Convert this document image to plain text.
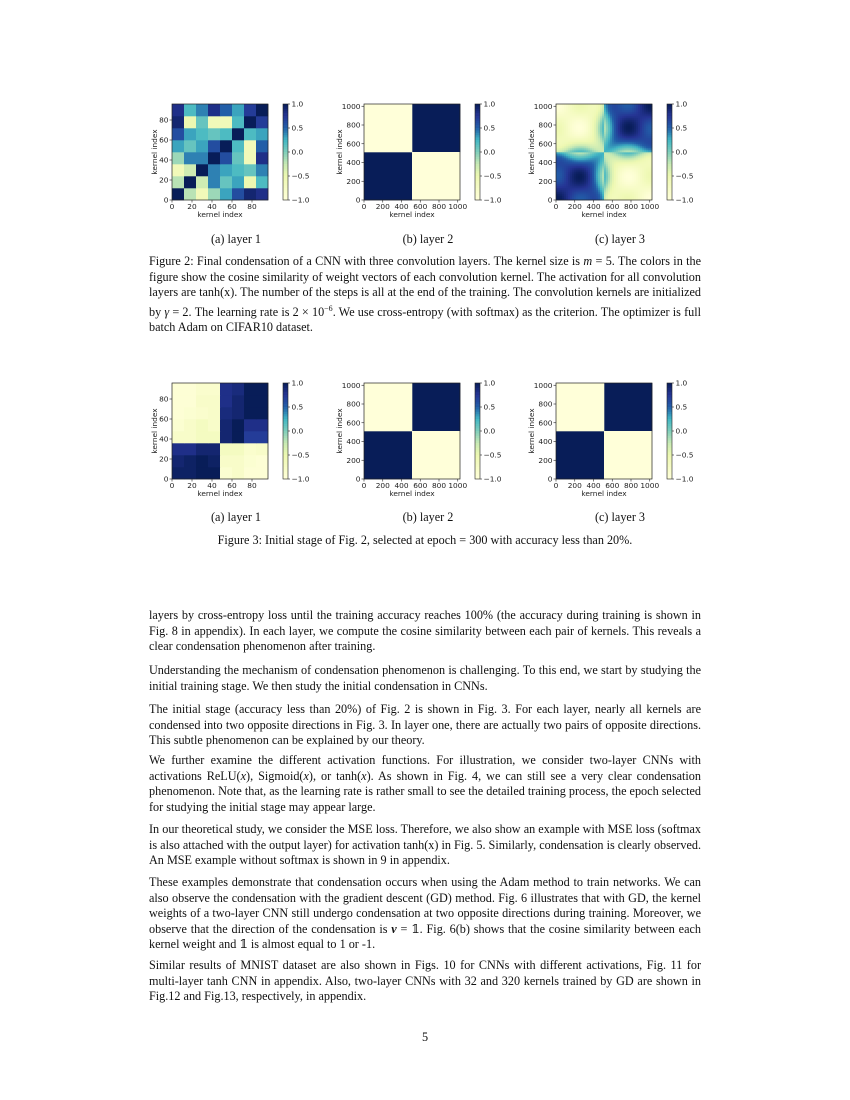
0 20 40 60 80
0
20
40
60
80
kernel index
kernel index
1.0
0.5
0.0
−0.5
−1.0
0 200 400 600 800 1000
0
200
400
600
800
1000
kernel index
kernel index
1.0
0.5
0.0
−0.5
−1.0
0 200 400 600 800 1000
0
200
400
600
800
1000
kernel index
kernel index
1.0
0.5
0.0
−0.5
−1.0
(a) layer 1	(b) layer 2	(c) layer 3

Figure 2: Final condensation of a CNN with three convolution layers. The kernel size is m = 5. The colors in the figure show the cosine similarity of weight vectors of each convolution kernel. The activation for all convolution layers are tanh(x). The number of the steps is all at the end of the training. The convolution kernels are initialized by γ = 2. The learning rate is $2 \times 10^{-6}$. We use cross-entropy (with softmax) as the criterion. The optimizer is full batch Adam on CIFAR10 dataset.

0 20 40 60 80
0
20
40
60
80
kernel index
kernel index
1.0
0.5
0.0
−0.5
−1.0
0 200 400 600 800 1000
0
200
400
600
800
1000
kernel index
kernel index
1.0
0.5
0.0
−0.5
−1.0
0 200 400 600 800 1000
0
200
400
600
800
1000
kernel index
kernel index
1.0
0.5
0.0
−0.5
−1.0
(a) layer 1	(b) layer 2	(c) layer 3

Figure 3: Initial stage of Fig. 2, selected at epoch = 300 with accuracy less than 20%.

layers by cross-entropy loss until the training accuracy reaches 100% (the accuracy during training is shown in Fig. 8 in appendix). In each layer, we compute the cosine similarity between each pair of kernels. This reveals a clear condensation phenomenon after training.

Understanding the mechanism of condensation phenomenon is challenging. To this end, we start by studying the initial training stage. We then study the initial condensation in CNNs.

The initial stage (accuracy less than 20%) of Fig. 2 is shown in Fig. 3. For each layer, nearly all kernels are condensed into two opposite directions in Fig. 3. In layer one, there are actually two pairs of opposite directions. This subtle phenomenon can be explained by our theory.

We further examine the different activation functions. For illustration, we consider two-layer CNNs with activations ReLU(x), Sigmoid(x), or tanh(x). As shown in Fig. 4, we can still see a very clear condensation phenomenon. Note that, as the learning rate is rather small to see the detailed training process, the epoch selected for studying the initial stage may appear large.

In our theoretical study, we consider the MSE loss. Therefore, we also show an example with MSE loss (softmax is also attached with the output layer) for activation tanh(x) in Fig. 5. Similarly, condensation is clearly observed. An MSE example without softmax is shown in 9 in appendix.

These examples demonstrate that condensation occurs when using the Adam method to train networks. We can also observe the condensation with the gradient descent (GD) method. Fig. 6 illustrates that with GD, the kernel weights of a two-layer CNN still undergo condensation at two opposite directions during training. Moreover, we observe that the direction of the condensation is v = 𝟙. Fig. 6(b) shows that the cosine similarity between each kernel weight and 𝟙 is almost equal to 1 or -1.

Similar results of MNIST dataset are also shown in Figs. 10 for CNNs with different activations, Fig. 11 for multi-layer tanh CNN in appendix. Also, two-layer CNNs with 32 and 320 kernels trained by GD are shown in Fig.12 and Fig.13, respectively, in appendix.

5
